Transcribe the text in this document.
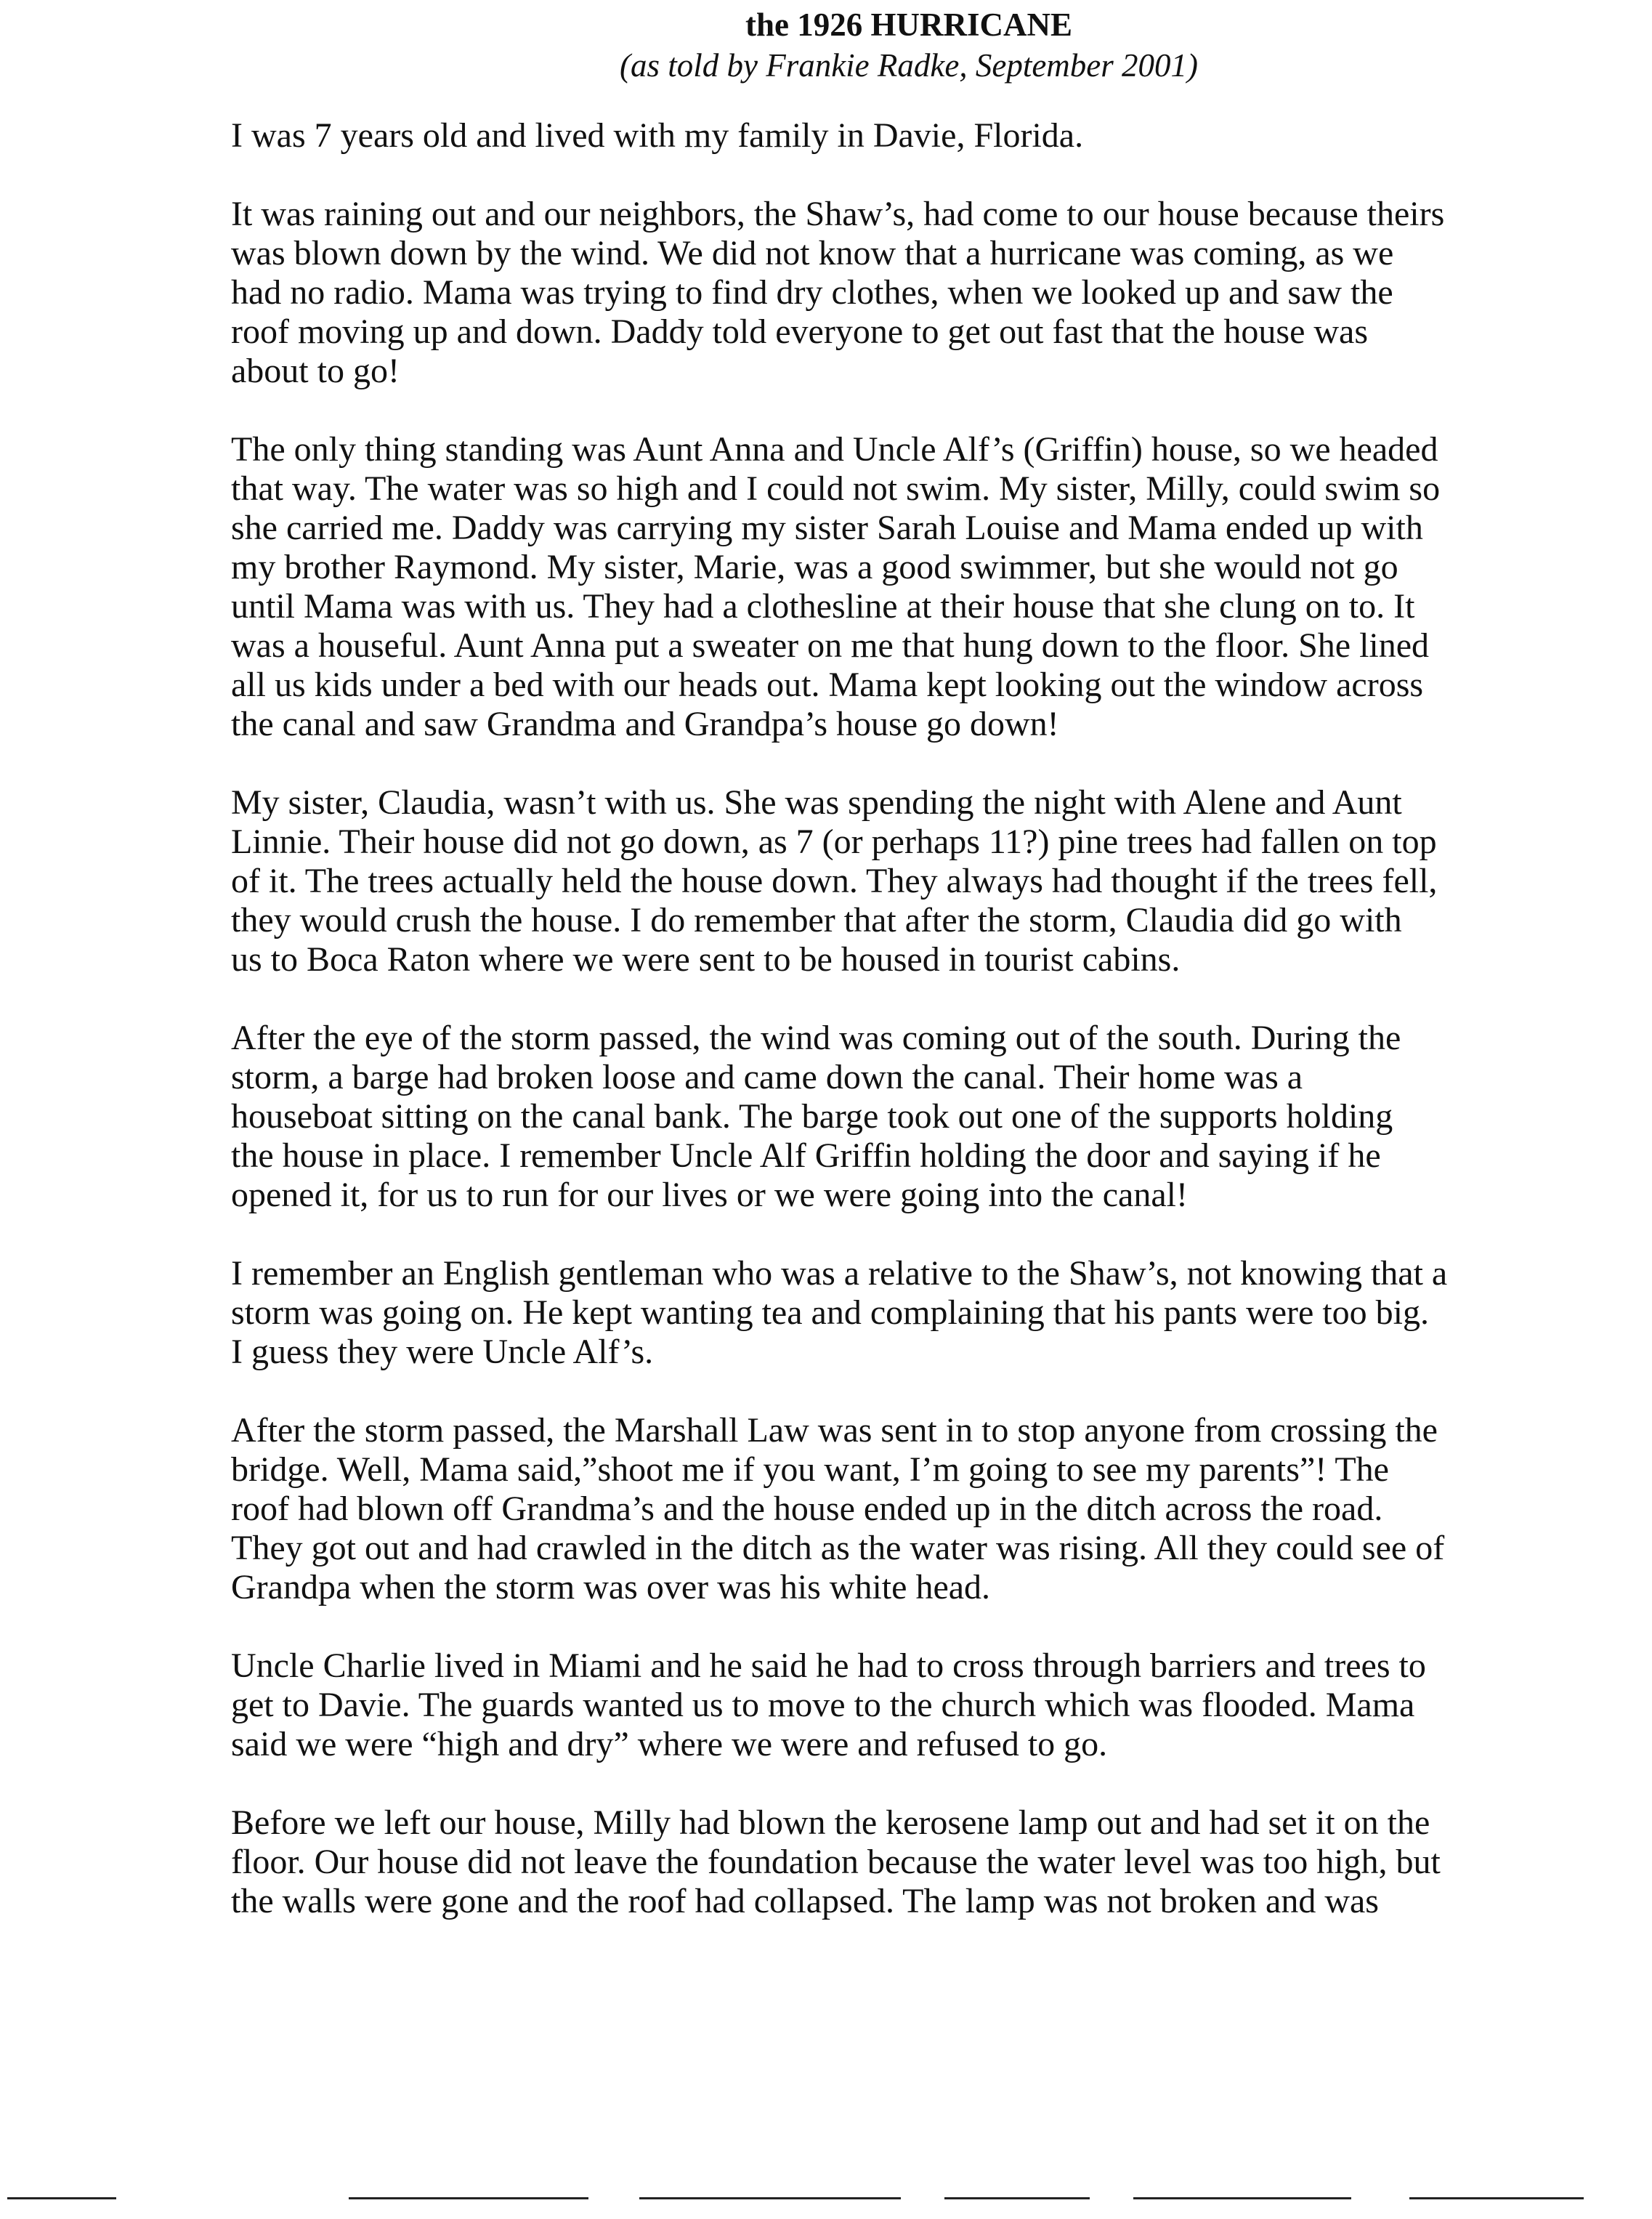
the 1926 HURRICANE
(as told by Frankie Radke, September 2001)
I was 7 years old and lived with my family in Davie, Florida.
It was raining out and our neighbors, the Shaw’s, had come to our house because theirs
was blown down by the wind. We did not know that a hurricane was coming, as we
had no radio. Mama was trying to find dry clothes, when we looked up and saw the
roof moving up and down. Daddy told everyone to get out fast that the house was
about to go!
The only thing standing was Aunt Anna and Uncle Alf’s (Griffin) house, so we headed
that way. The water was so high and I could not swim. My sister, Milly, could swim so
she carried me. Daddy was carrying my sister Sarah Louise and Mama ended up with
my brother Raymond. My sister, Marie, was a good swimmer, but she would not go
until Mama was with us. They had a clothesline at their house that she clung on to. It
was a houseful. Aunt Anna put a sweater on me that hung down to the floor. She lined
all us kids under a bed with our heads out. Mama kept looking out the window across
the canal and saw Grandma and Grandpa’s house go down!
My sister, Claudia, wasn’t with us. She was spending the night with Alene and Aunt
Linnie. Their house did not go down, as 7 (or perhaps 11?) pine trees had fallen on top
of it. The trees actually held the house down. They always had thought if the trees fell,
they would crush the house. I do remember that after the storm, Claudia did go with
us to Boca Raton where we were sent to be housed in tourist cabins.
After the eye of the storm passed, the wind was coming out of the south. During the
storm, a barge had broken loose and came down the canal. Their home was a
houseboat sitting on the canal bank. The barge took out one of the supports holding
the house in place. I remember Uncle Alf Griffin holding the door and saying if he
opened it, for us to run for our lives or we were going into the canal!
I remember an English gentleman who was a relative to the Shaw’s, not knowing that a
storm was going on. He kept wanting tea and complaining that his pants were too big.
I guess they were Uncle Alf’s.
After the storm passed, the Marshall Law was sent in to stop anyone from crossing the
bridge. Well, Mama said,”shoot me if you want, I’m going to see my parents”! The
roof had blown off Grandma’s and the house ended up in the ditch across the road.
They got out and had crawled in the ditch as the water was rising. All they could see of
Grandpa when the storm was over was his white head.
Uncle Charlie lived in Miami and he said he had to cross through barriers and trees to
get to Davie. The guards wanted us to move to the church which was flooded. Mama
said we were “high and dry” where we were and refused to go.
Before we left our house, Milly had blown the kerosene lamp out and had set it on the
floor. Our house did not leave the foundation because the water level was too high, but
the walls were gone and the roof had collapsed. The lamp was not broken and was
